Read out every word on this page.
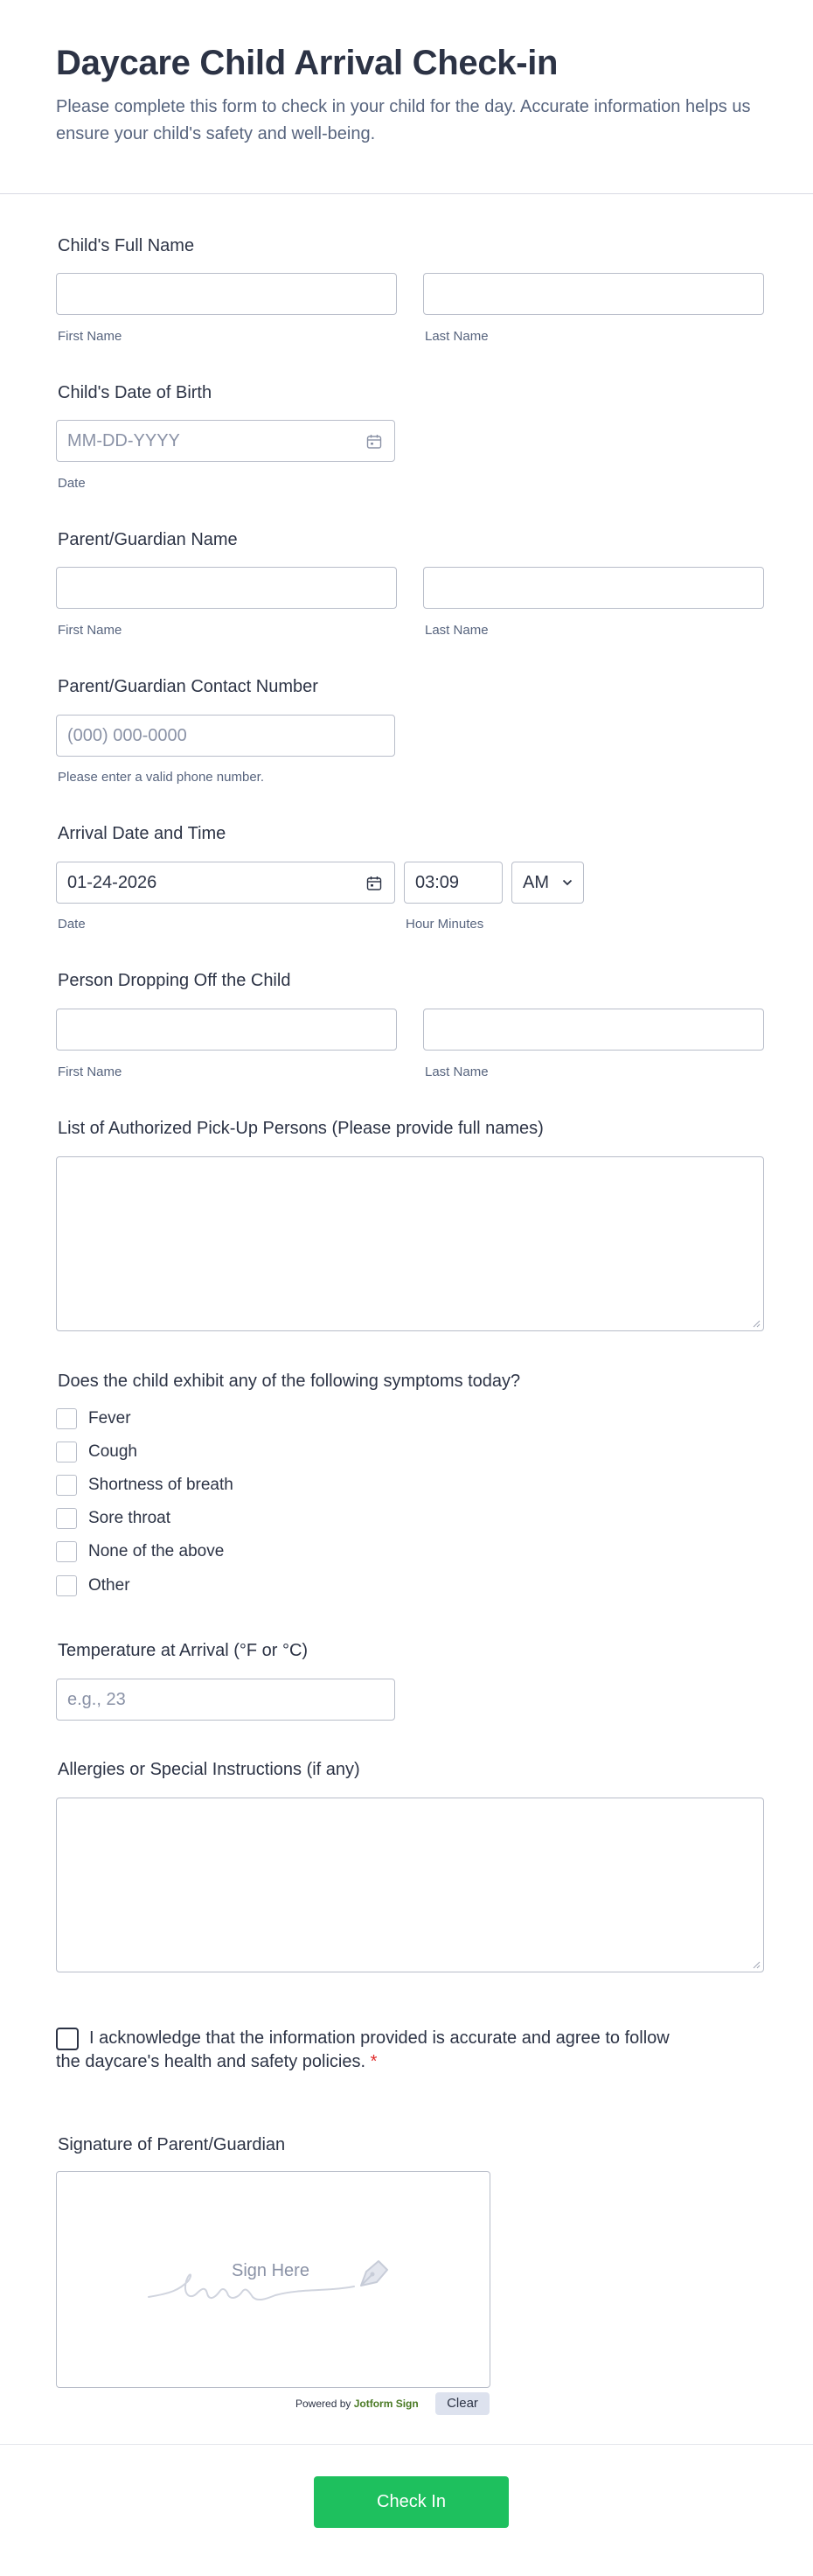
Daycare Child Arrival Check-in

Please complete this form to check in your child for the day. Accurate information helps us ensure your child's safety and well-being.

Child's Full Name
First Name	Last Name
Child's Date of Birth
MM-DD-YYYY
Date
Parent/Guardian Name
First Name	Last Name
Parent/Guardian Contact Number
(000) 000-0000
Please enter a valid phone number.
Arrival Date and Time
01-24-2026	03:09	AM
Date	Hour Minutes
Person Dropping Off the Child
First Name	Last Name
List of Authorized Pick-Up Persons (Please provide full names)
Does the child exhibit any of the following symptoms today?
Fever
Cough
Shortness of breath
Sore throat
None of the above
Other
Temperature at Arrival (°F or °C)
e.g., 23
Allergies or Special Instructions (if any)
I acknowledge that the information provided is accurate and agree to follow the daycare's health and safety policies. *
Signature of Parent/Guardian
Sign Here
Powered by Jotform Sign	Clear
Check In
